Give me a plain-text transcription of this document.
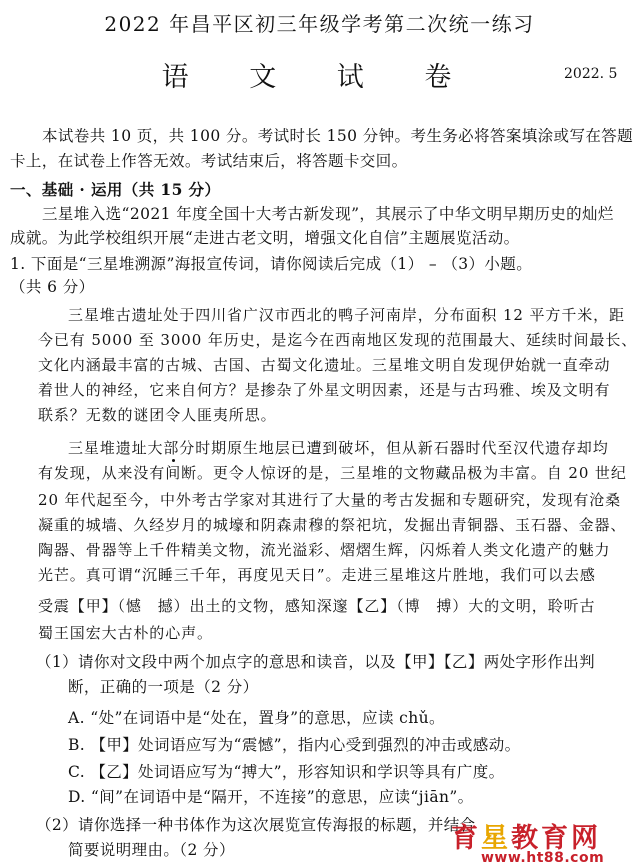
2022 年昌平区初三年级学考第二次统一练习
语 文 试 卷	2022. 5
本试卷共 10 页，共 100 分。考试时长 150 分钟。考生务必将答案填涂或写在答题
卡上，在试卷上作答无效。考试结束后，将答题卡交回。
一、基础 · 运用（共 15 分）
三星堆入选“2021 年度全国十大考古新发现”，其展示了中华文明早期历史的灿烂
成就。为此学校组织开展“走进古老文明，增强文化自信”主题展览活动。
1. 下面是“三星堆溯源”海报宣传词，请你阅读后完成（1） – （3）小题。
（共 6 分）
三星堆古遗址处于四川省广汉市西北的鸭子河南岸，分布面积 12 平方千米，距
今已有 5000 至 3000 年历史，是迄今在西南地区发现的范围最大、延续时间最长、
文化内涵最丰富的古城、古国、古蜀文化遗址。三星堆文明自发现伊始就一直牵动
着世人的神经，它来自何方？是掺杂了外星文明因素，还是与古玛雅、埃及文明有
联系？无数的谜团令人匪夷所思。
三星堆遗址大部分时期原生地层已遭到破坏，但从新石器时代至汉代遗存却均
有发现，从来没有间断。更令人惊讶的是，三星堆的文物藏品极为丰富。自 20 世纪
20 年代起至今，中外考古学家对其进行了大量的考古发掘和专题研究，发现有沧桑
凝重的城墙、久经岁月的城壕和阴森肃穆的祭祀坑，发掘出青铜器、玉石器、金器、
陶器、骨器等上千件精美文物，流光溢彩、熠熠生辉，闪烁着人类文化遗产的魅力
光芒。真可谓“沉睡三千年，再度见天日”。走进三星堆这片胜地，我们可以去感
受震【甲】（憾　撼）出土的文物，感知深邃【乙】（博　搏）大的文明，聆听古
蜀王国宏大古朴的心声。
（1）请你对文段中两个加点字的意思和读音，以及【甲】【乙】两处字形作出判
断，正确的一项是（2 分）
A. “处”在词语中是“处在，置身”的意思，应读 chǔ。
B. 【甲】处词语应写为“震憾”，指内心受到强烈的冲击或感动。
C. 【乙】处词语应写为“搏大”，形容知识和学识等具有广度。
D. “间”在词语中是“隔开，不连接”的意思，应读“jiān”。
（2）请你选择一种书体作为这次展览宣传海报的标题，并结合
简要说明理由。（2 分）	育星教育网
www.ht88.com
